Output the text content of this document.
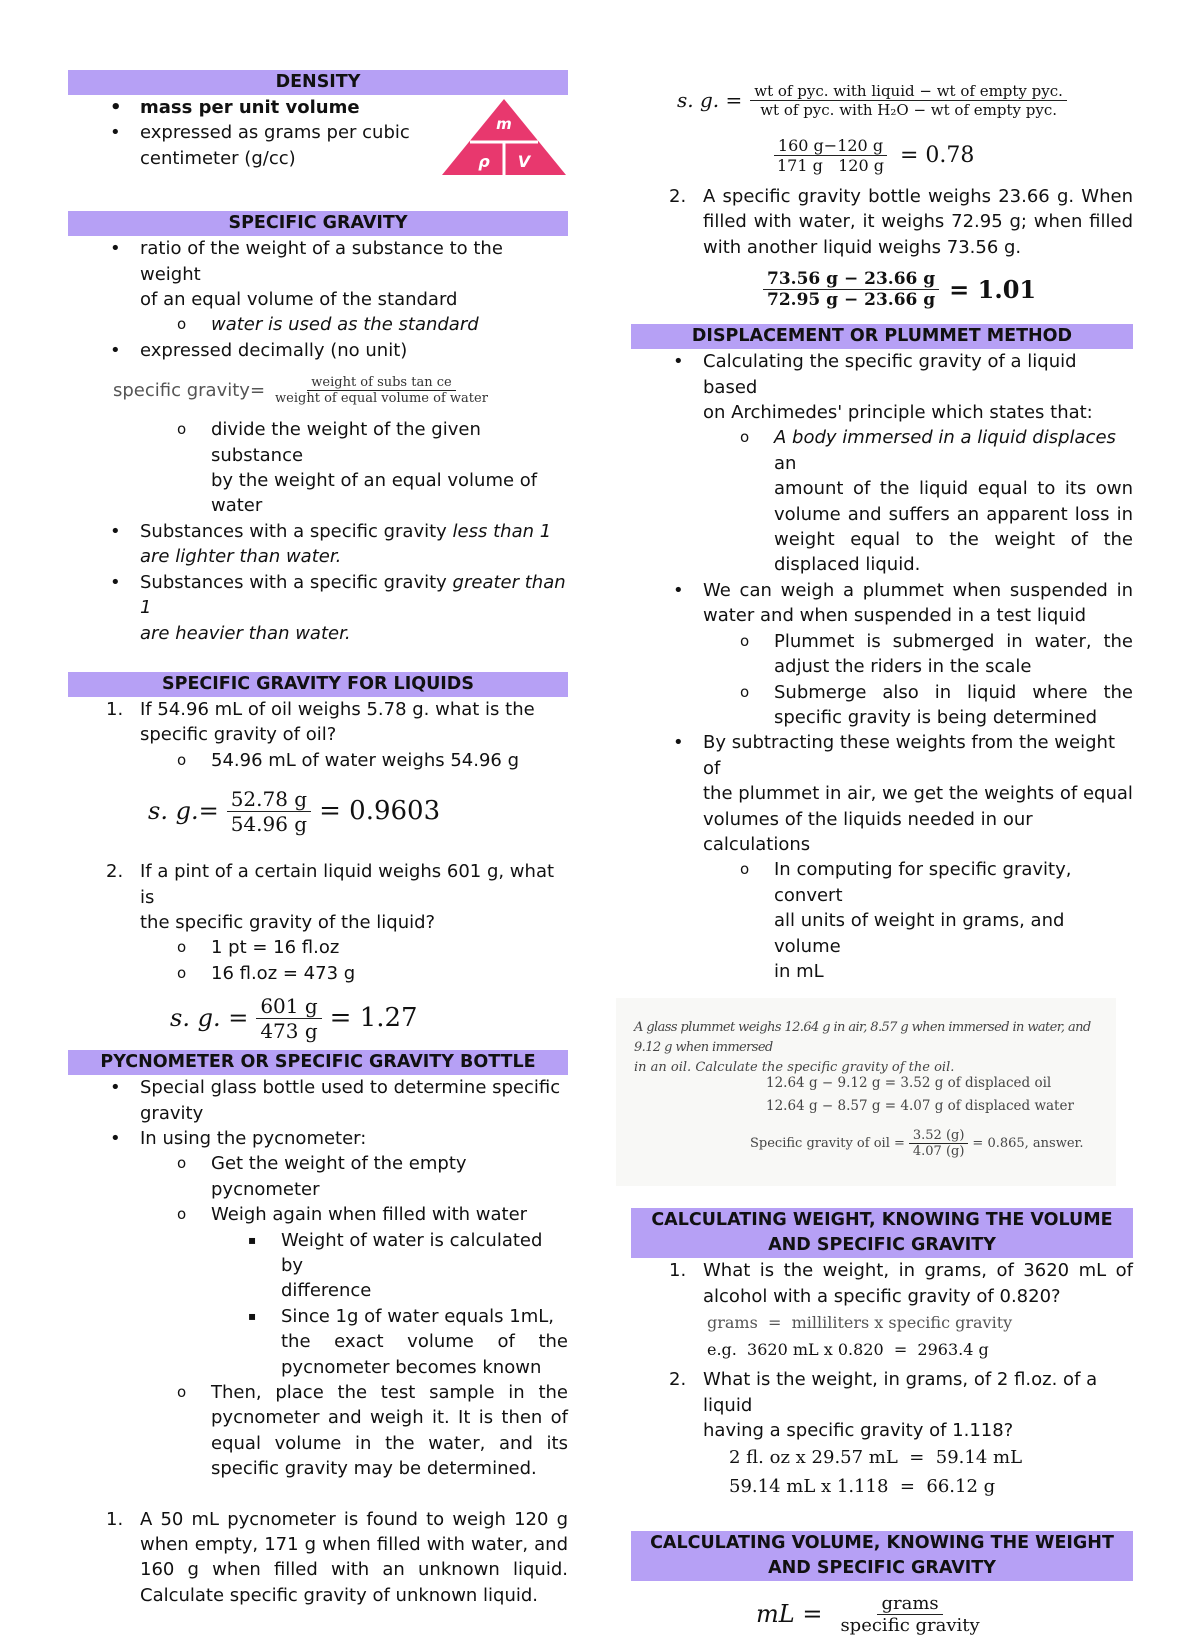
DENSITY

• mass per unit volume

• expressed as grams per cubic

centimeter (g/cc)

m
ρ V
SPECIFIC GRAVITY

• ratio of the weight of a substance to the weight

of an equal volume of the standard

o water is used as the standard

• expressed decimally (no unit)

specific gravity= $\frac{\text{weight of subs tan ce}}{\text{weight of equal volume of water}}$

o divide the weight of the given substance

by the weight of an equal volume of

water

• Substances with a specific gravity less than 1

are lighter than water.

• Substances with a specific gravity greater than 1

are heavier than water.

SPECIFIC GRAVITY FOR LIQUIDS

1. If 54.96 mL of oil weighs 5.78 g. what is the

specific gravity of oil?

o 54.96 mL of water weighs 54.96 g

s. $g.= \frac{52.78 g}{54.96 g} = 0.9603$

2. If a pint of a certain liquid weighs 601 g, what is

the specific gravity of the liquid?

o 1 pt = 16 fl.oz

o 16 fl.oz = 473 g

s. g. = $\frac{601 g}{473 g} = 1.27$
PYCNOMETER OR SPECIFIC GRAVITY BOTTLE

• Special glass bottle used to determine specific

gravity

• In using the pycnometer:

o Get the weight of the empty pycnometer

o Weigh again when filled with water

▪ Weight of water is calculated by

difference

▪ Since 1g of water equals 1mL,

the exact volume of the

pycnometer becomes known

o Then, place the test sample in the

pycnometer and weigh it. It is then of

equal volume in the water, and its

specific gravity may be determined.

1. A 50 mL pycnometer is found to weigh 120 g

when empty, 171 g when filled with water, and

160 g when filled with an unknown liquid.

Calculate specific gravity of unknown liquid.

s. g. = $\frac{\text{wt of pyc. with liquid − wt of empty pyc.}}{\text{wt of pyc. with H₂O − wt of empty pyc.}}$
$\frac{160 g-120 g}{171 g 120 g} = 0.78$

2. A specific gravity bottle weighs 23.66 g. When

filled with water, it weighs 72.95 g; when filled

with another liquid weighs 73.56 g.

$\frac{73.56 g - 23.66 g}{72.95 g - 23.66 g} = 1.01$
DISPLACEMENT OR PLUMMET METHOD

• Calculating the specific gravity of a liquid based

on Archimedes' principle which states that:

o A body immersed in a liquid displaces an

amount of the liquid equal to its own

volume and suffers an apparent loss in

weight equal to the weight of the

displaced liquid.

• We can weigh a plummet when suspended in

water and when suspended in a test liquid

o Plummet is submerged in water, the

adjust the riders in the scale

o Submerge also in liquid where the

specific gravity is being determined

• By subtracting these weights from the weight of

the plummet in air, we get the weights of equal

volumes of the liquids needed in our calculations

o In computing for specific gravity, convert

all units of weight in grams, and volume

in mL

A glass plummet weighs 12.64 g in air, 8.57 g when immersed in water, and 9.12 g when immersed
in an oil. Calculate the specific gravity of the oil.
12.64 g − 9.12 g = 3.52 g of displaced oil
12.64 g − 8.57 g = 4.07 g of displaced water
Specific gravity of oil = $\frac{3.52 (g)}{4.07 (g)} = 0.865$, answer.
CALCULATING WEIGHT, KNOWING THE VOLUME
AND SPECIFIC GRAVITY

1. What is the weight, in grams, of 3620 mL of

alcohol with a specific gravity of 0.820?

grams  =  milliliters x specific gravity

e.g.  3620 mL x 0.820  =  2963.4 g

2. What is the weight, in grams, of 2 fl.oz. of a liquid

having a specific gravity of 1.118?

2 fl. oz x 29.57 mL  =  59.14 mL

59.14 mL x 1.118  =  66.12 g

CALCULATING VOLUME, KNOWING THE WEIGHT
AND SPECIFIC GRAVITY
mL = $\frac{\text{grams}}{\text{specific gravity}}$
